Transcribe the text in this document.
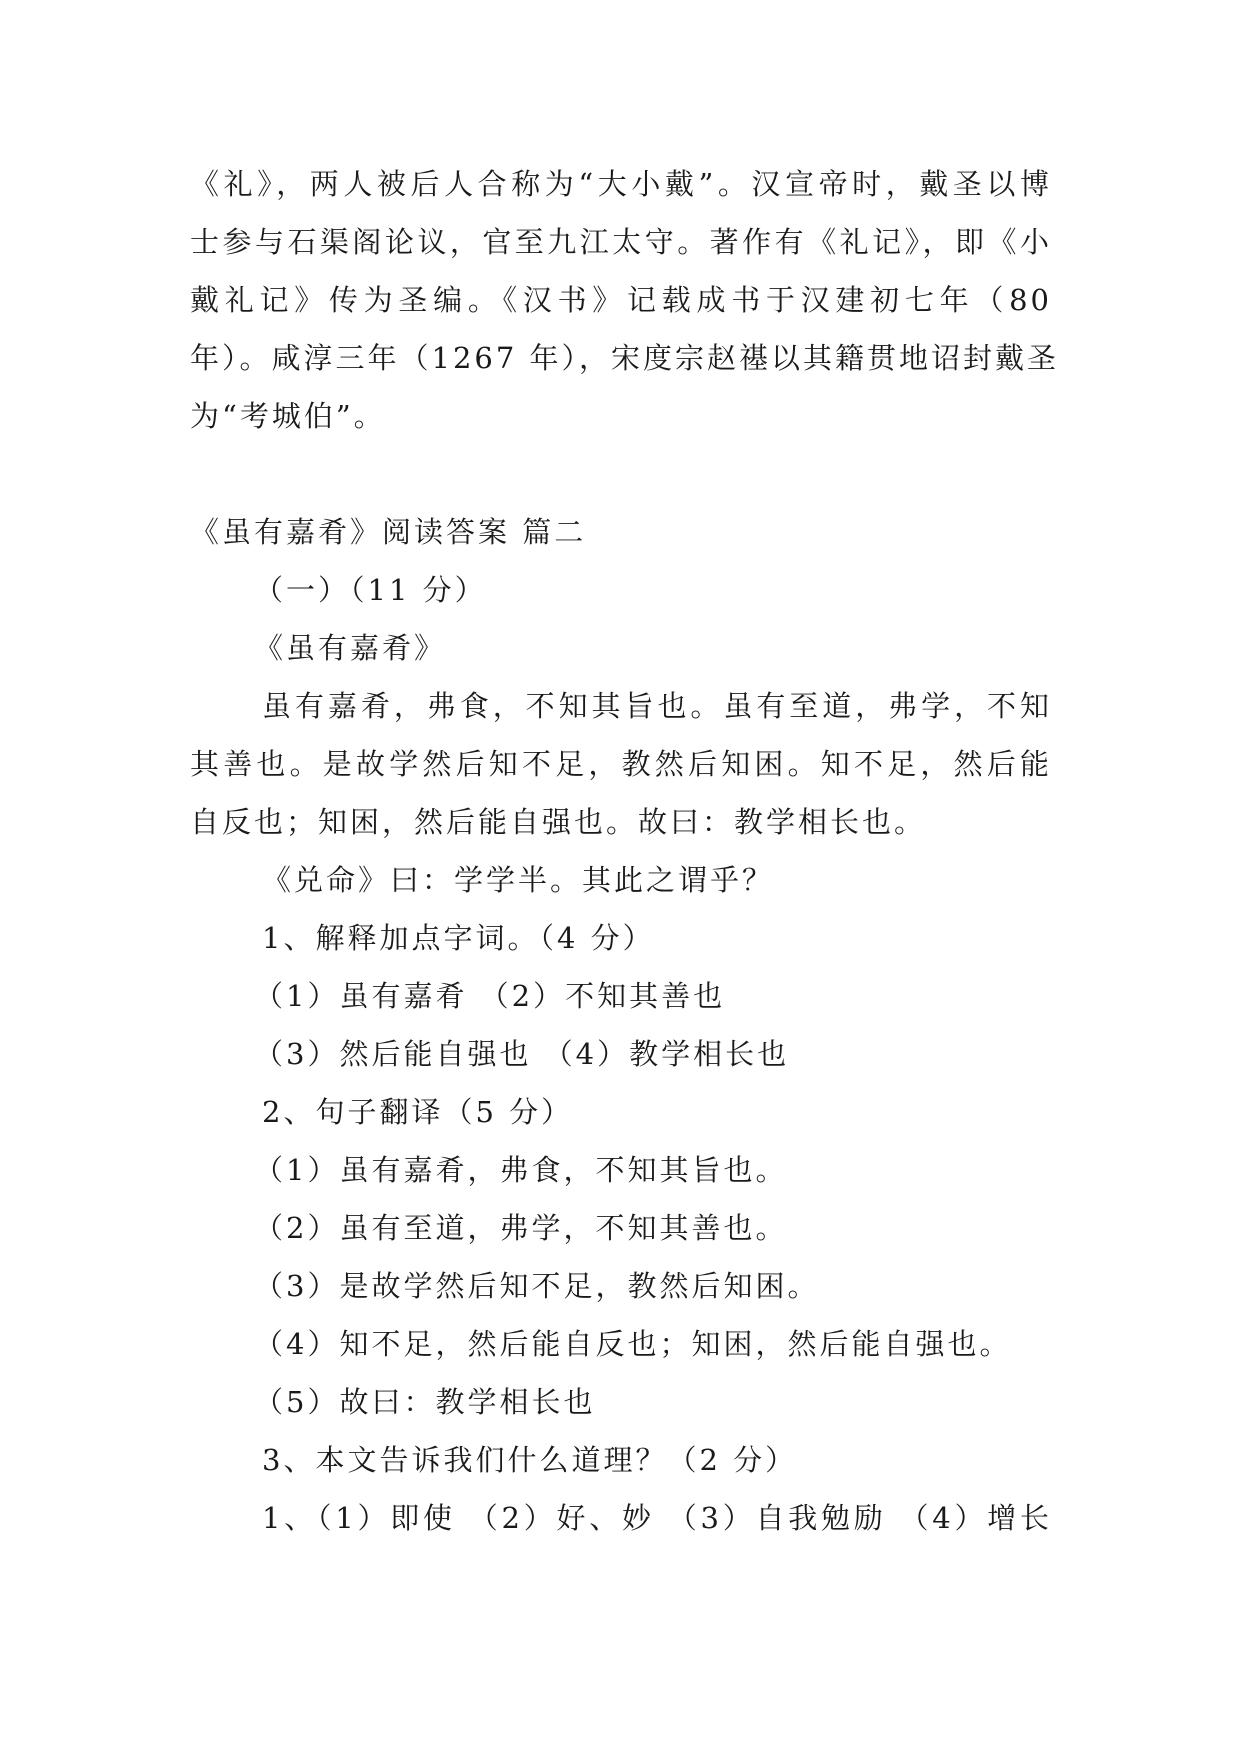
《礼》，两人被后人合称为“大小戴”。汉宣帝时，戴圣以博
士参与石渠阁论议，官至九江太守。著作有《礼记》，即《小
戴礼记》传为圣编。《汉书》记载成书于汉建初七年（80
年）。咸淳三年（1267 年），宋度宗赵禥以其籍贯地诏封戴圣
为“考城伯”。
《虽有嘉肴》阅读答案 篇二
（一）（11 分）
《虽有嘉肴》
虽有嘉肴，弗食，不知其旨也。虽有至道，弗学，不知
其善也。是故学然后知不足，教然后知困。知不足，然后能
自反也；知困，然后能自强也。故曰：教学相长也。
《兑命》曰：学学半。其此之谓乎？
1、解释加点字词。（4 分）
（1）虽有嘉肴 （2）不知其善也
（3）然后能自强也 （4）教学相长也
2、句子翻译（5 分）
（1）虽有嘉肴，弗食，不知其旨也。
（2）虽有至道，弗学，不知其善也。
（3）是故学然后知不足，教然后知困。
（4）知不足，然后能自反也；知困，然后能自强也。
（5）故曰：教学相长也
3、本文告诉我们什么道理？（2 分）
1、（1）即使 （2）好、妙 （3）自我勉励 （4）增长
